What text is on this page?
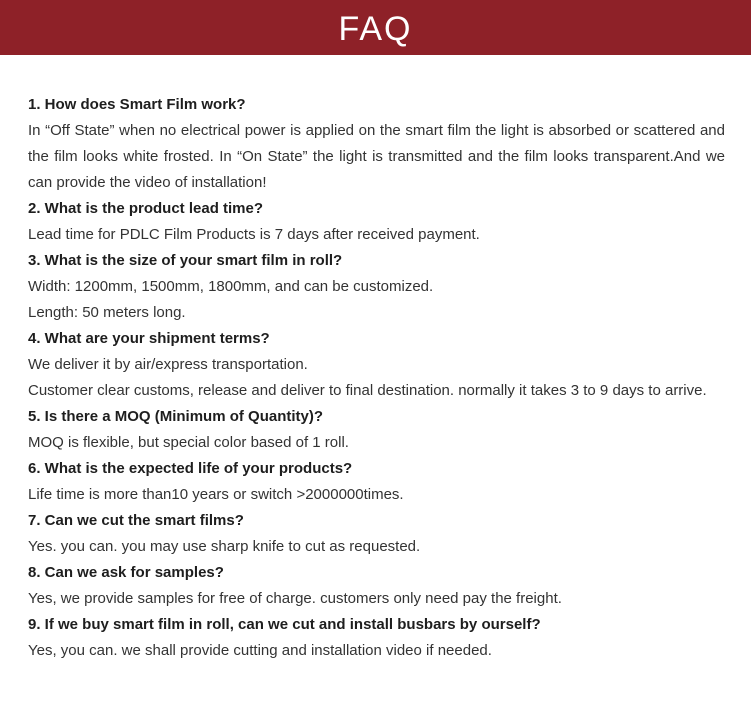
FAQ

1. How does Smart Film work?

In “Off State” when no electrical power is applied on the smart film the light is absorbed or scattered and the film looks white frosted. In “On State” the light is transmitted and the film looks transparent.And we can provide the video of installation!

2. What is the product lead time?

Lead time for PDLC Film Products is 7 days after received payment.

3. What is the size of your smart film in roll?

Width: 1200mm, 1500mm, 1800mm, and can be customized.

Length: 50 meters long.

4. What are your shipment terms?

We deliver it by air/express transportation.

Customer clear customs, release and deliver to final destination. normally it takes 3 to 9 days to arrive.

5. Is there a MOQ (Minimum of Quantity)?

MOQ is flexible, but special color based of 1 roll.

6. What is the expected life of your products?

Life time is more than10 years or switch >2000000times.

7. Can we cut the smart films?

Yes. you can. you may use sharp knife to cut as requested.

8. Can we ask for samples?

Yes, we provide samples for free of charge. customers only need pay the freight.

9. If we buy smart film in roll, can we cut and install busbars by ourself?

Yes, you can. we shall provide cutting and installation video if needed.
